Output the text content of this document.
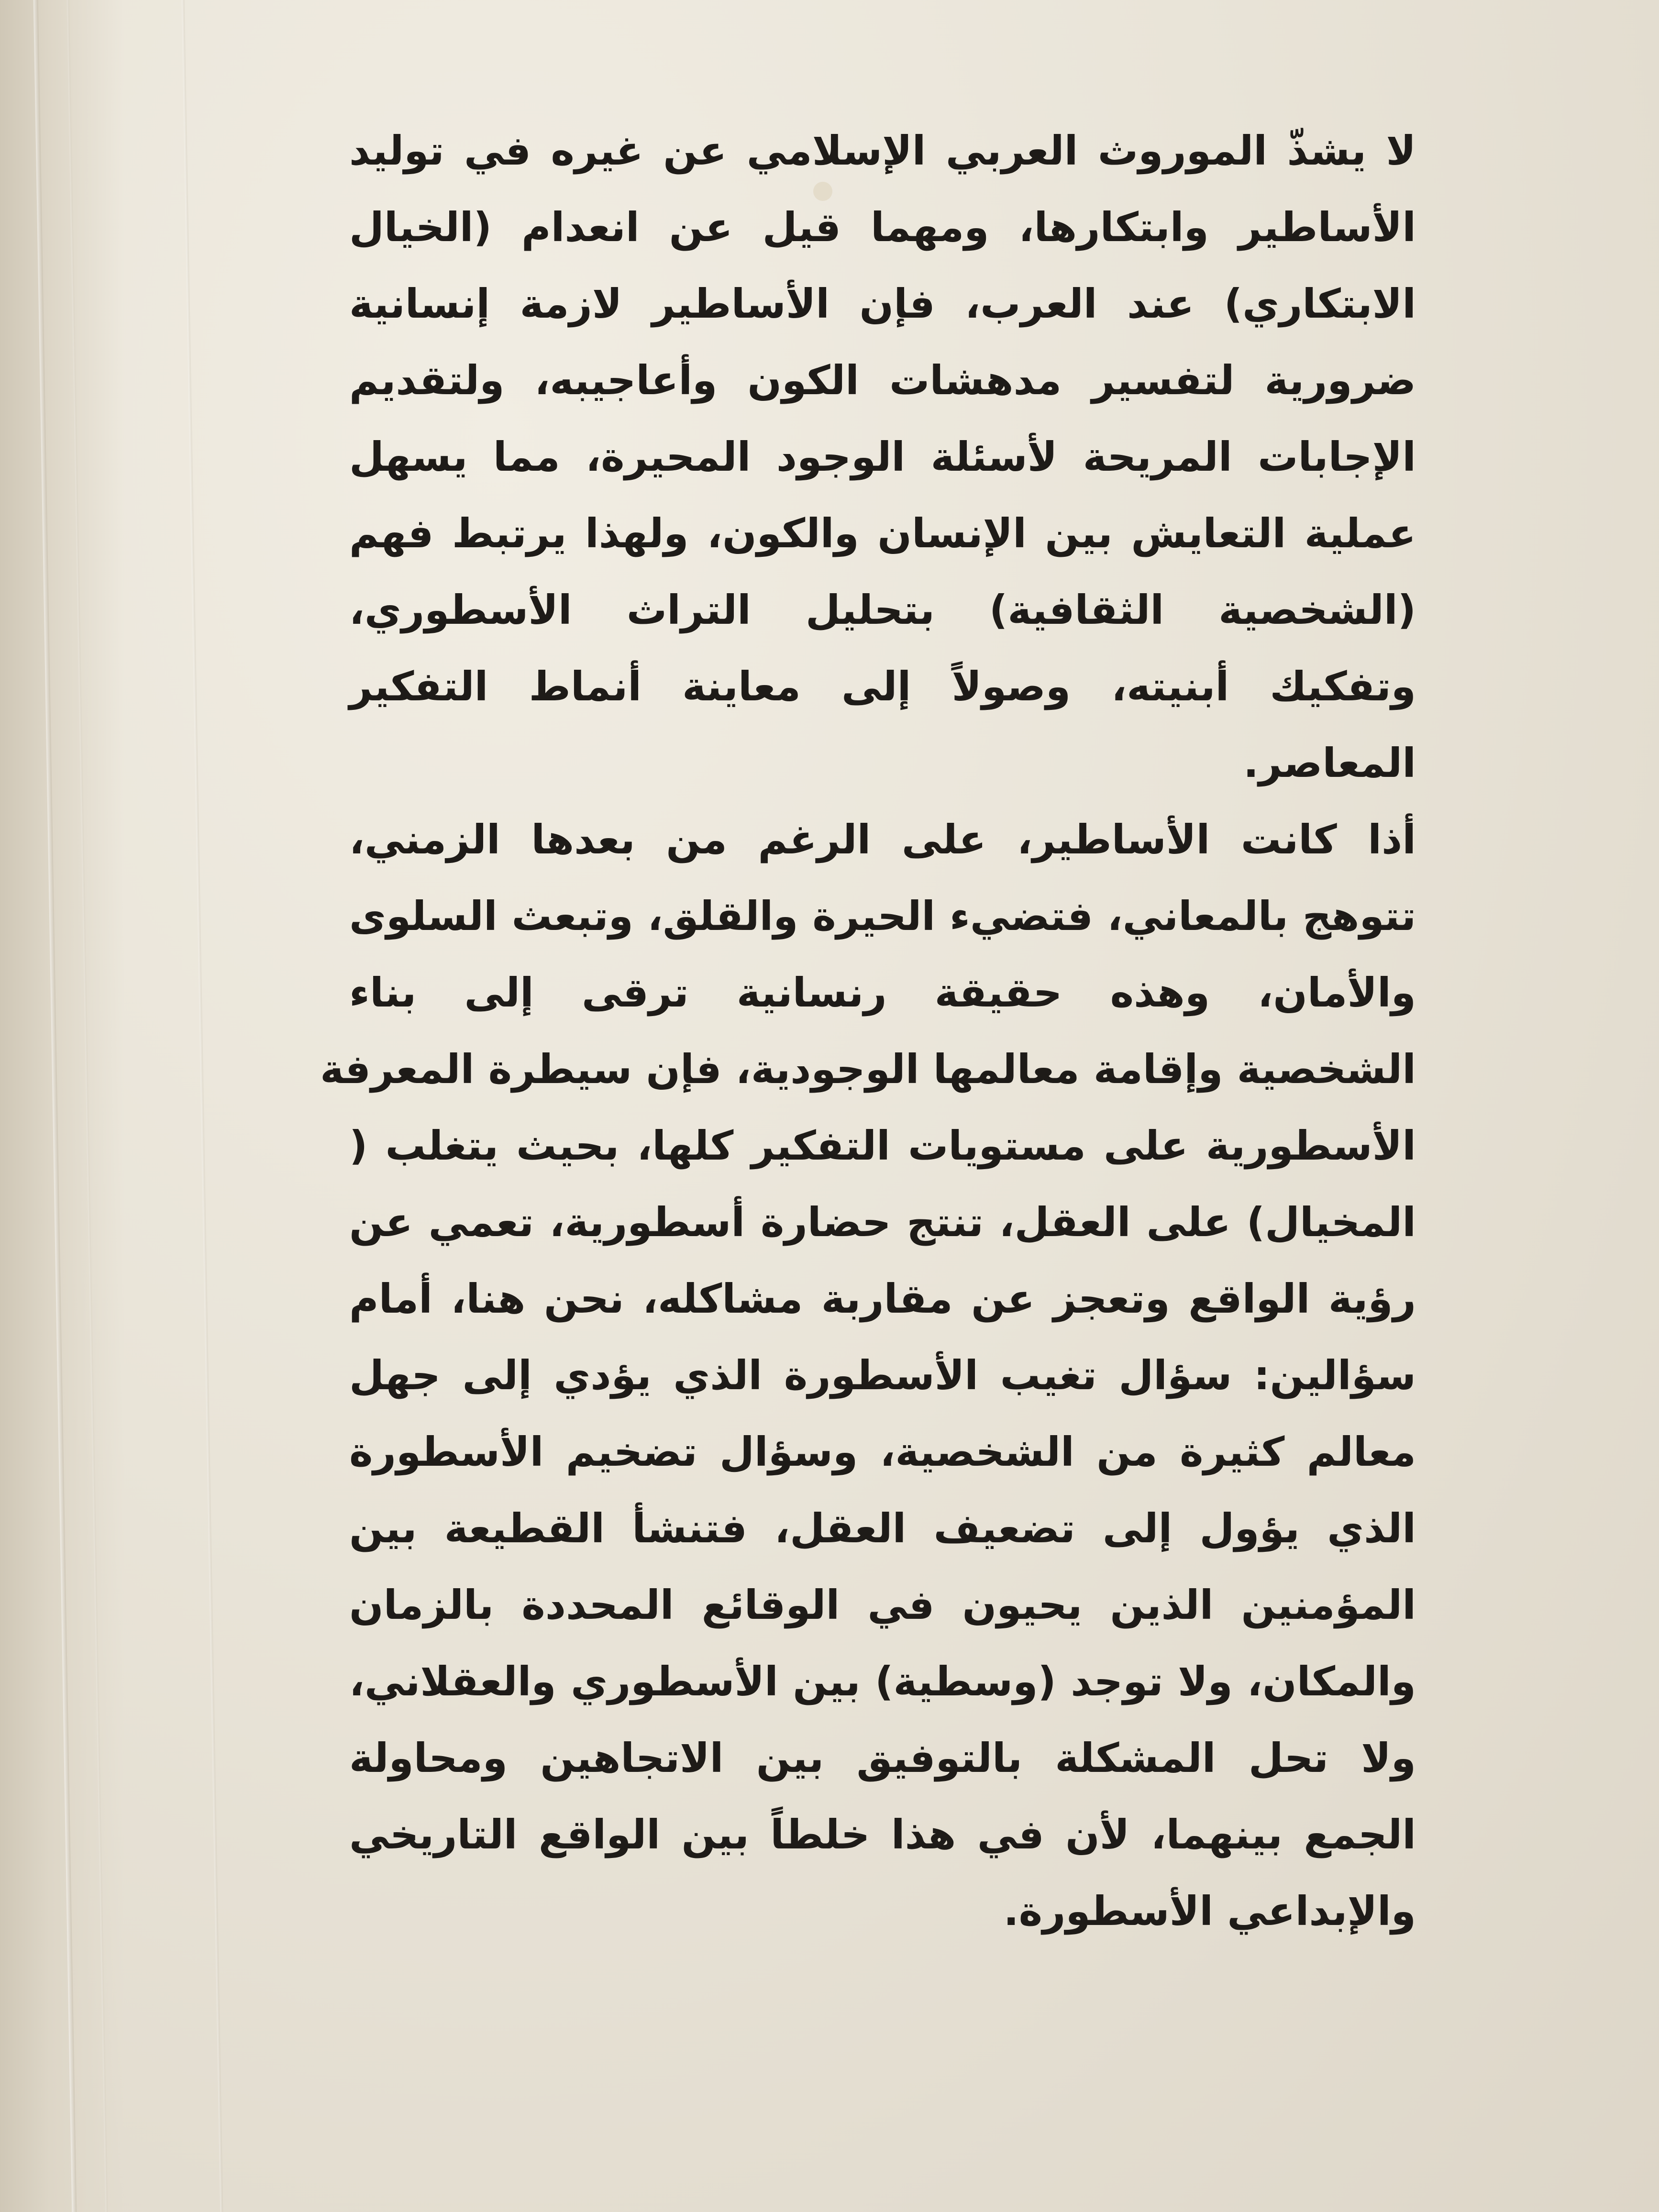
لا يشذّ الموروث العربي الإسلامي عن غيره في توليد
الأساطير وابتكارها، ومهما قيل عن انعدام (الخيال
الابتكاري) عند العرب، فإن الأساطير لازمة إنسانية
ضرورية لتفسير مدهشات الكون وأعاجيبه، ولتقديم
الإجابات المريحة لأسئلة الوجود المحيرة، مما يسهل
عملية التعايش بين الإنسان والكون، ولهذا يرتبط فهم
(الشخصية الثقافية) بتحليل التراث الأسطوري،
وتفكيك أبنيته، وصولاً إلى معاينة أنماط التفكير
المعاصر.
أذا كانت الأساطير، على الرغم من بعدها الزمني،
تتوهج بالمعاني، فتضيء الحيرة والقلق، وتبعث السلوى
والأمان، وهذه حقيقة رنسانية ترقى إلى بناء
الشخصية وإقامة معالمها الوجودية، فإن سيطرة المعرفة
الأسطورية على مستويات التفكير كلها، بحيث يتغلب (
المخيال) على العقل، تنتج حضارة أسطورية، تعمي عن
رؤية الواقع وتعجز عن مقاربة مشاكله، نحن هنا، أمام
سؤالين: سؤال تغيب الأسطورة الذي يؤدي إلى جهل
معالم كثيرة من الشخصية، وسؤال تضخيم الأسطورة
الذي يؤول إلى تضعيف العقل، فتنشأ القطيعة بين
المؤمنين الذين يحيون في الوقائع المحددة بالزمان
والمكان، ولا توجد (وسطية) بين الأسطوري والعقلاني،
ولا تحل المشكلة بالتوفيق بين الاتجاهين ومحاولة
الجمع بينهما، لأن في هذا خلطاً بين الواقع التاريخي
والإبداعي الأسطورة.
